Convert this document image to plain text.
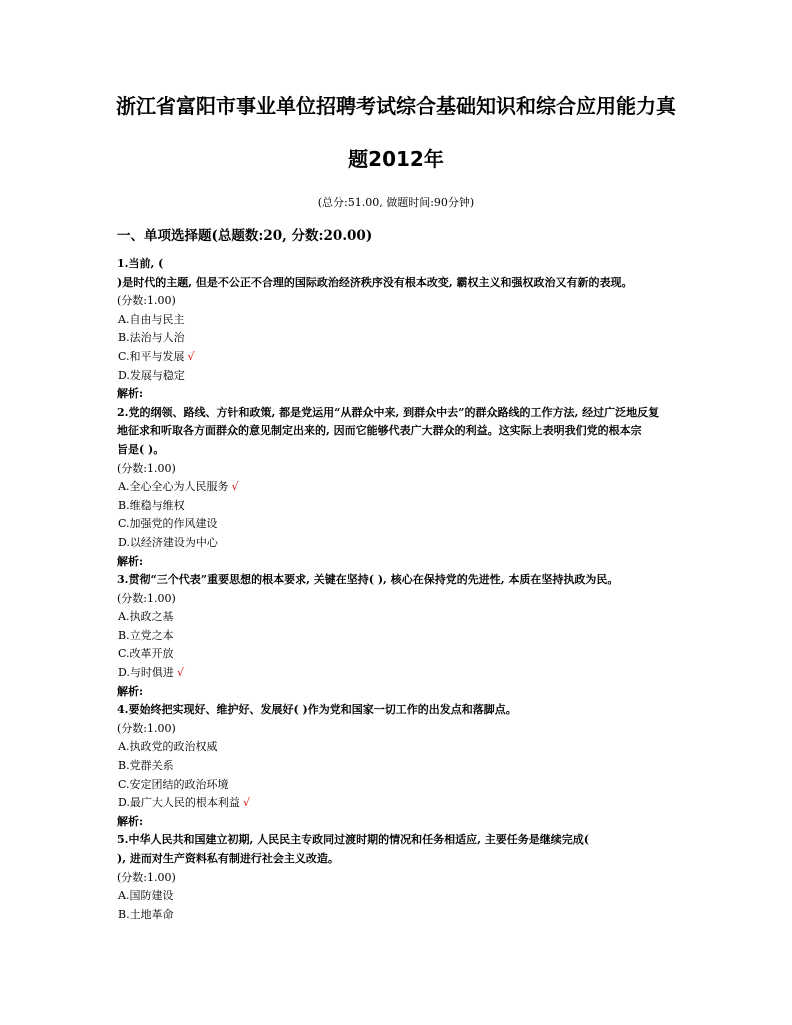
浙江省富阳市事业单位招聘考试综合基础知识和综合应用能力真
题2012年
(总分:51.00, 做题时间:90分钟)
一、单项选择题(总题数:20, 分数:20.00)
1.当前, (
)是时代的主题, 但是不公正不合理的国际政治经济秩序没有根本改变, 霸权主义和强权政治又有新的表现。
(分数:1.00)
A.自由与民主
B.法治与人治
C.和平与发展 √
D.发展与稳定
解析:
2.党的纲领、路线、方针和政策, 都是党运用“从群众中来, 到群众中去”的群众路线的工作方法, 经过广泛地反复
地征求和听取各方面群众的意见制定出来的, 因而它能够代表广大群众的利益。这实际上表明我们党的根本宗
旨是( )。
(分数:1.00)
A.全心全心为人民服务 √
B.维稳与维权
C.加强党的作风建设
D.以经济建设为中心
解析:
3.贯彻“三个代表”重要思想的根本要求, 关键在坚持( ), 核心在保持党的先进性, 本质在坚持执政为民。
(分数:1.00)
A.执政之基
B.立党之本
C.改革开放
D.与时俱进 √
解析:
4.要始终把实现好、维护好、发展好( )作为党和国家一切工作的出发点和落脚点。
(分数:1.00)
A.执政党的政治权威
B.党群关系
C.安定团结的政治环境
D.最广大人民的根本利益 √
解析:
5.中华人民共和国建立初期, 人民民主专政同过渡时期的情况和任务相适应, 主要任务是继续完成(
), 进而对生产资料私有制进行社会主义改造。
(分数:1.00)
A.国防建设
B.土地革命
